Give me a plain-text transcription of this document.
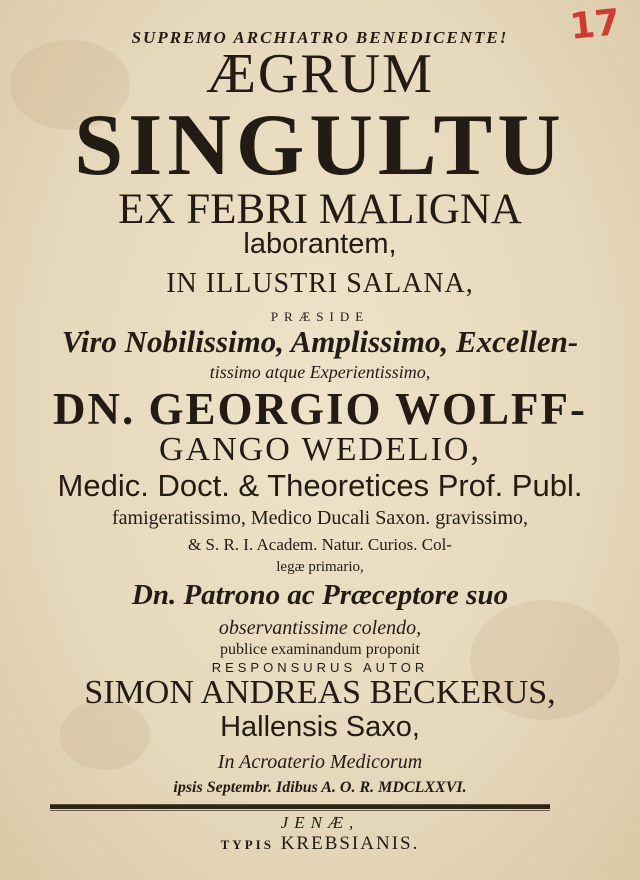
17
SUPREMO ARCHIATRO BENEDICENTE!
ÆGRUM
SINGULTU
EX FEBRI MALIGNA
laborantem,
IN ILLUSTRI SALANA,
PRÆSIDE
Viro Nobilissimo, Amplissimo, Excellen-
tissimo atque Experientissimo,
DN. GEORGIO WOLFF-
GANGO WEDELIO,
Medic. Doct. & Theoretices Prof. Publ.
famigeratissimo, Medico Ducali Saxon. gravissimo,
& S. R. I. Academ. Natur. Curios. Col-
legæ primario,
Dn. Patrono ac Præceptore suo
observantissime colendo,
publice examinandum proponit
RESPONSURUS AUTOR
SIMON ANDREAS BECKERUS,
Hallensis Saxo,
In Acroaterio Medicorum
ipsis Septembr. Idibus A. O. R. MDCLXXVI.
JENÆ,
TYPIS KREBSIANIS.
